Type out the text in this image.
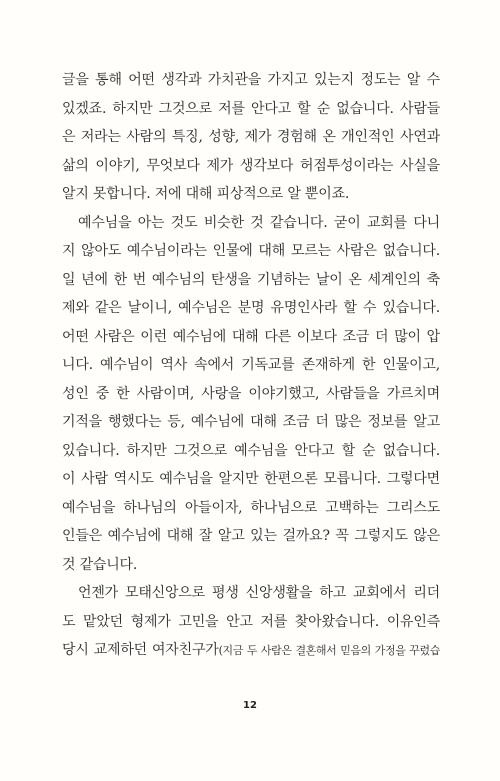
글을 통해 어떤 생각과 가치관을 가지고 있는지 정도는 알 수
있겠죠. 하지만 그것으로 저를 안다고 할 순 없습니다. 사람들
은 저라는 사람의 특징, 성향, 제가 경험해 온 개인적인 사연과
삶의 이야기, 무엇보다 제가 생각보다 허점투성이라는 사실을
알지 못합니다. 저에 대해 피상적으로 알 뿐이죠.
예수님을 아는 것도 비슷한 것 같습니다. 굳이 교회를 다니
지 않아도 예수님이라는 인물에 대해 모르는 사람은 없습니다.
일 년에 한 번 예수님의 탄생을 기념하는 날이 온 세계인의 축
제와 같은 날이니, 예수님은 분명 유명인사라 할 수 있습니다.
어떤 사람은 이런 예수님에 대해 다른 이보다 조금 더 많이 압
니다. 예수님이 역사 속에서 기독교를 존재하게 한 인물이고,
성인 중 한 사람이며, 사랑을 이야기했고, 사람들을 가르치며
기적을 행했다는 등, 예수님에 대해 조금 더 많은 정보를 알고
있습니다. 하지만 그것으로 예수님을 안다고 할 순 없습니다.
이 사람 역시도 예수님을 알지만 한편으론 모릅니다. 그렇다면
예수님을 하나님의 아들이자, 하나님으로 고백하는 그리스도
인들은 예수님에 대해 잘 알고 있는 걸까요? 꼭 그렇지도 않은
것 같습니다.
언젠가 모태신앙으로 평생 신앙생활을 하고 교회에서 리더
도 맡았던 형제가 고민을 안고 저를 찾아왔습니다. 이유인즉
당시 교제하던 여자친구가(지금 두 사람은 결혼해서 믿음의 가정을 꾸렸습
12
